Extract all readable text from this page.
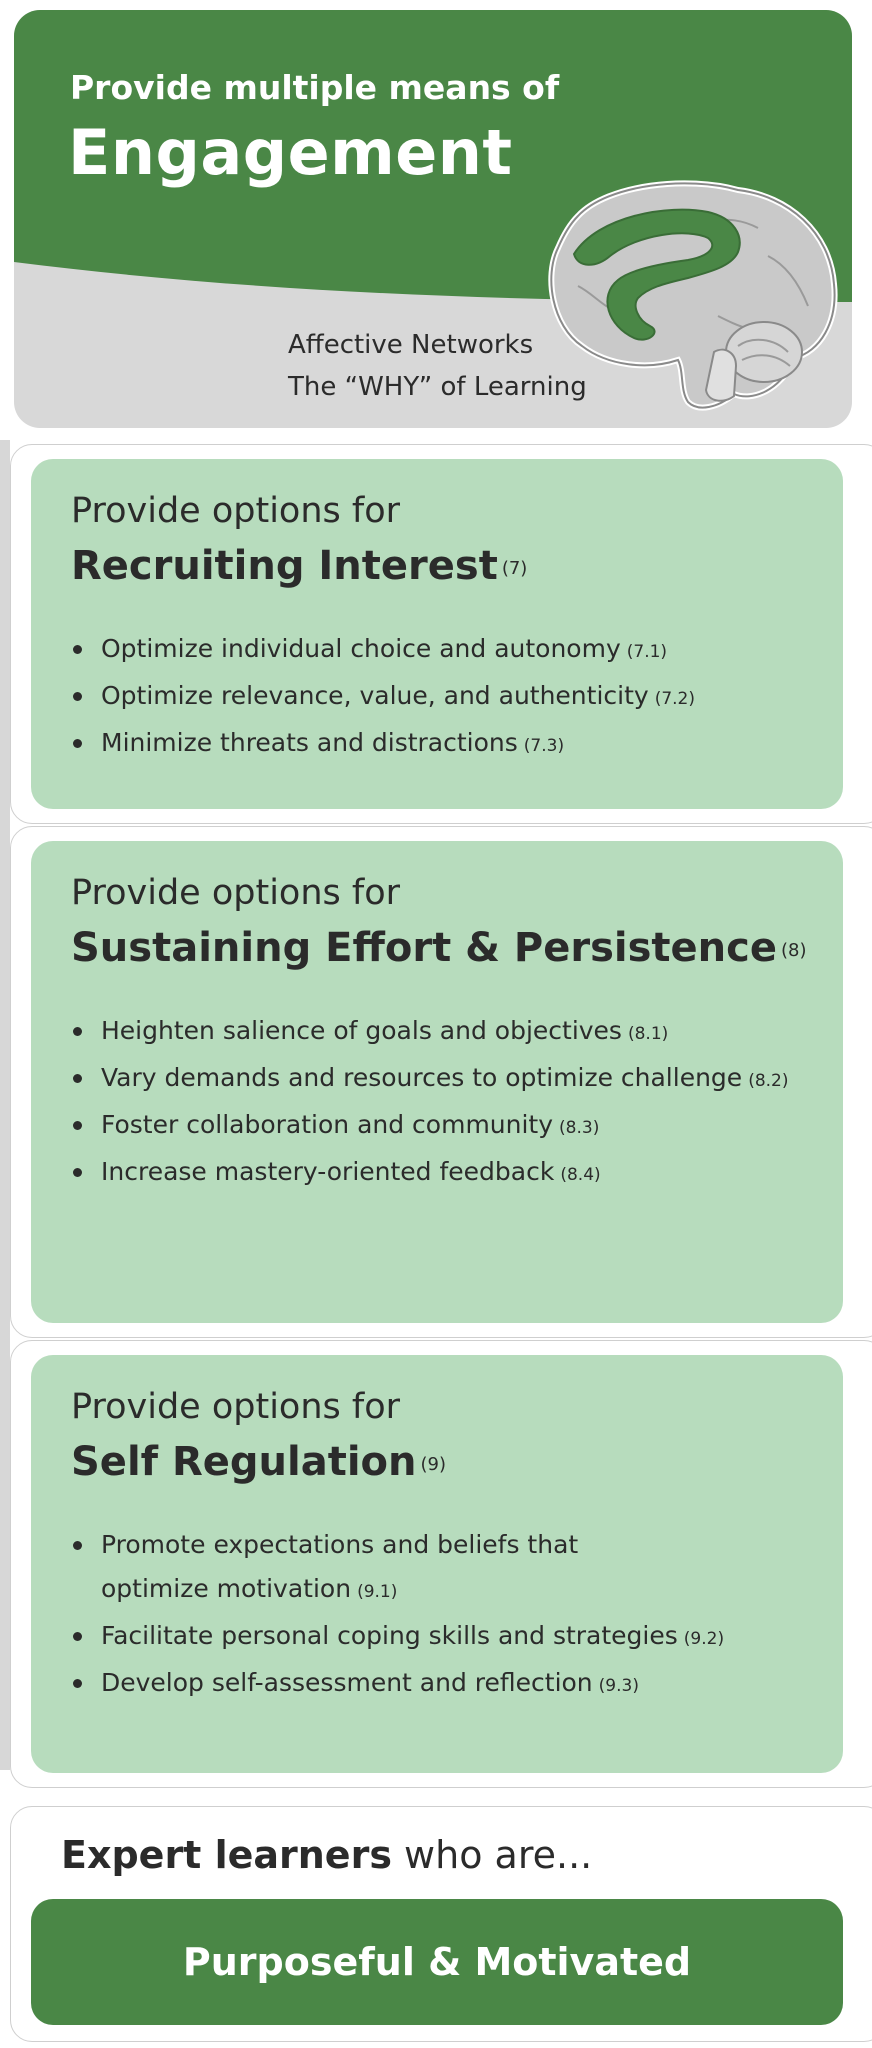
Provide multiple means of
Engagement
Affective Networks
The “WHY” of Learning
Provide options for
Recruiting Interest (7)
Optimize individual choice and autonomy (7.1)
Optimize relevance, value, and authenticity (7.2)
Minimize threats and distractions (7.3)
Provide options for
Sustaining Effort & Persistence (8)
Heighten salience of goals and objectives (8.1)
Vary demands and resources to optimize challenge (8.2)
Foster collaboration and community (8.3)
Increase mastery-oriented feedback (8.4)
Provide options for
Self Regulation (9)
Promote expectations and beliefs that
optimize motivation (9.1)
Facilitate personal coping skills and strategies (9.2)
Develop self-assessment and reflection (9.3)
Expert learners who are...
Purposeful & Motivated
